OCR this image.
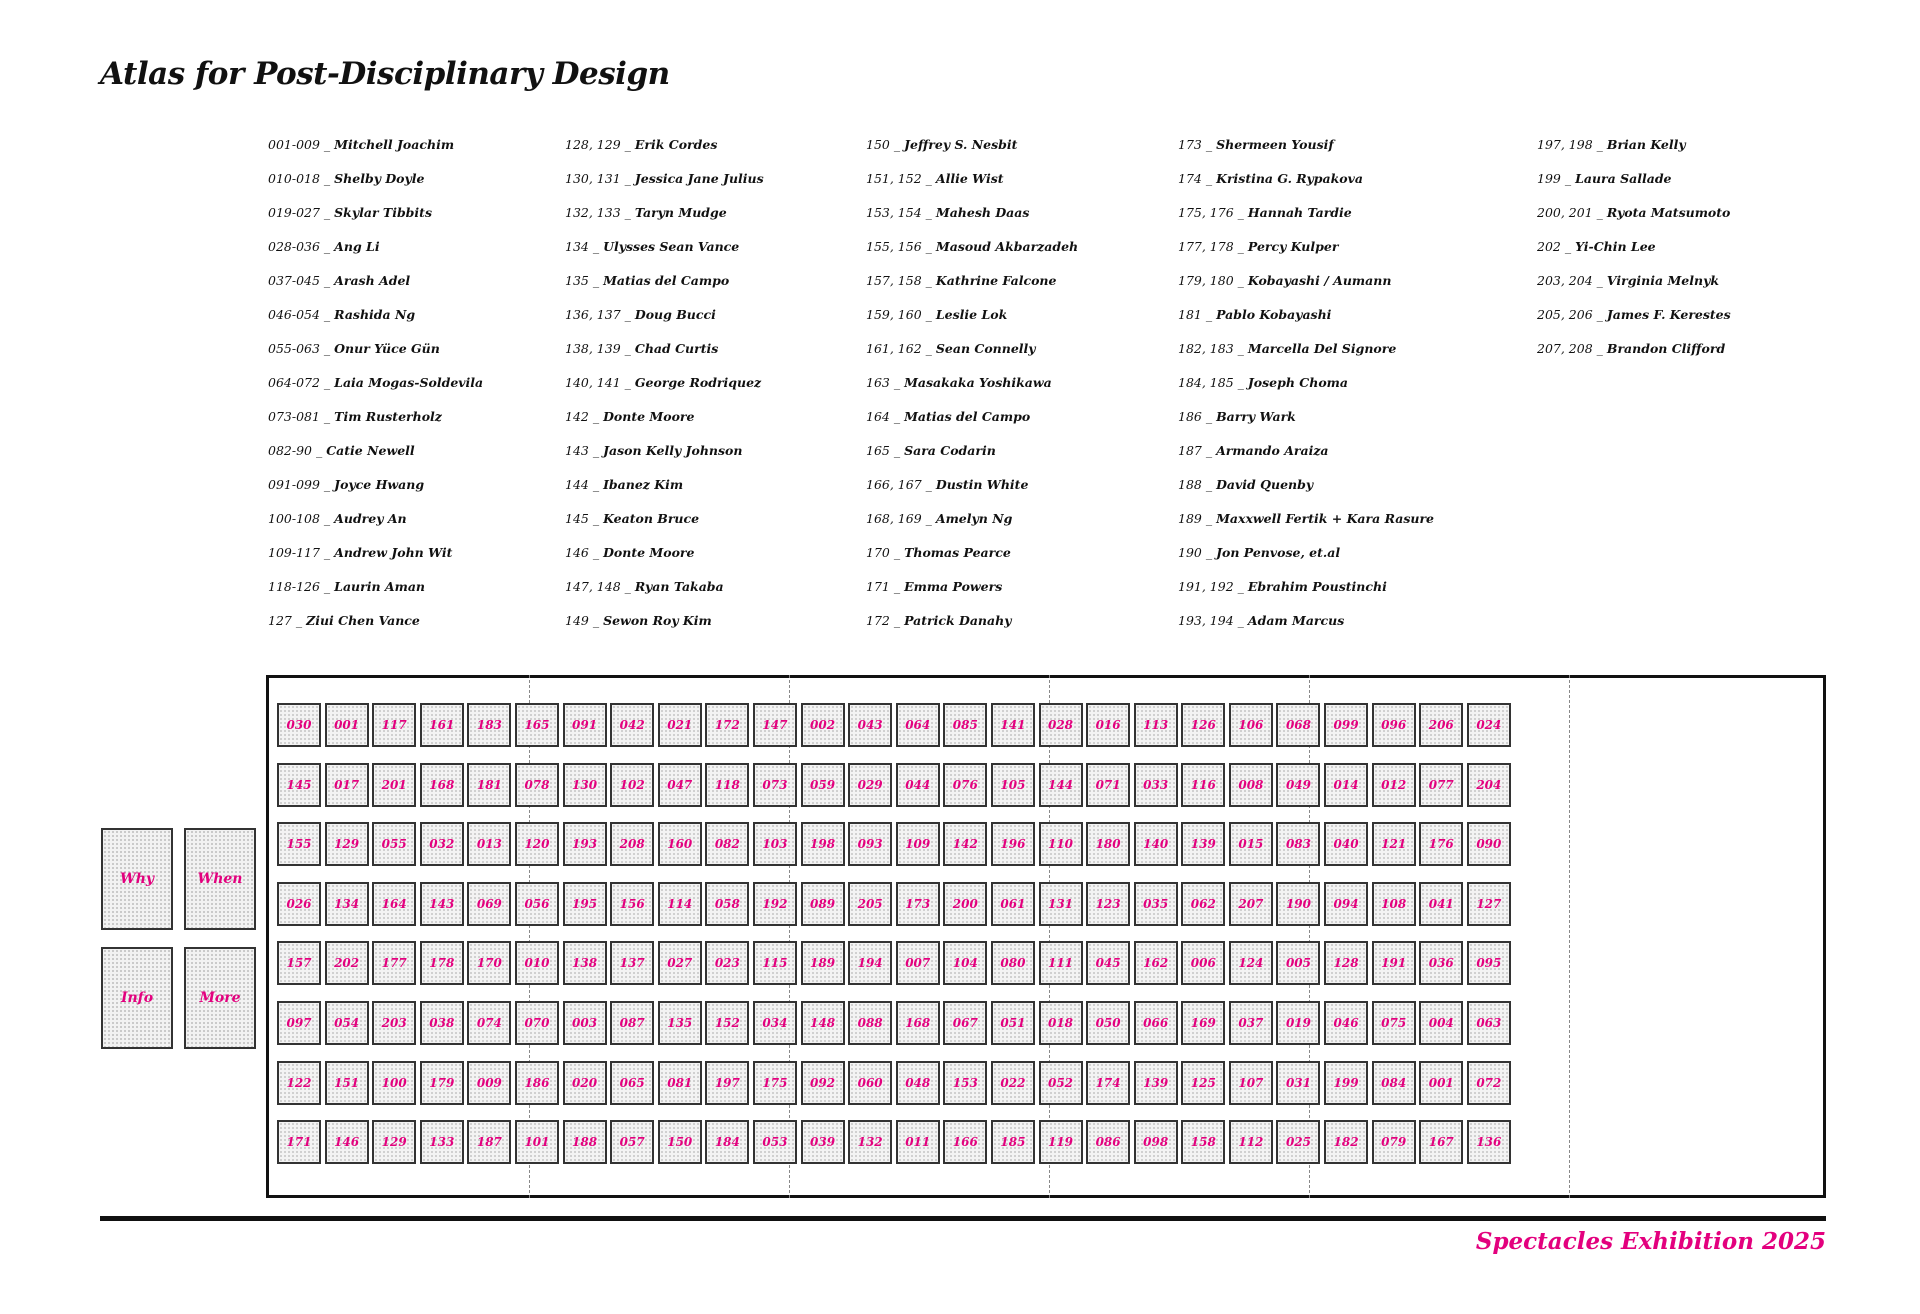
Atlas for Post-Disciplinary Design
001-009 _ Mitchell Joachim
010-018 _ Shelby Doyle
019-027 _ Skylar Tibbits
028-036 _ Ang Li
037-045 _ Arash Adel
046-054 _ Rashida Ng
055-063 _ Onur Yüce Gün
064-072 _ Laia Mogas-Soldevila
073-081 _ Tim Rusterholz
082-90 _ Catie Newell
091-099 _ Joyce Hwang
100-108 _ Audrey An
109-117 _ Andrew John Wit
118-126 _ Laurin Aman
127 _ Ziui Chen Vance
128, 129 _ Erik Cordes
130, 131 _ Jessica Jane Julius
132, 133 _ Taryn Mudge
134 _ Ulysses Sean Vance
135 _ Matias del Campo
136, 137 _ Doug Bucci
138, 139 _ Chad Curtis
140, 141 _ George Rodriquez
142 _ Donte Moore
143 _ Jason Kelly Johnson
144 _ Ibanez Kim
145 _ Keaton Bruce
146 _ Donte Moore
147, 148 _ Ryan Takaba
149 _ Sewon Roy Kim
150 _ Jeffrey S. Nesbit
151, 152 _ Allie Wist
153, 154 _ Mahesh Daas
155, 156 _ Masoud Akbarzadeh
157, 158 _ Kathrine Falcone
159, 160 _ Leslie Lok
161, 162 _ Sean Connelly
163 _ Masakaka Yoshikawa
164 _ Matias del Campo
165 _ Sara Codarin
166, 167 _ Dustin White
168, 169 _ Amelyn Ng
170 _ Thomas Pearce
171 _ Emma Powers
172 _ Patrick Danahy
173 _ Shermeen Yousif
174 _ Kristina G. Rypakova
175, 176 _ Hannah Tardie
177, 178 _ Percy Kulper
179, 180 _ Kobayashi / Aumann
181 _ Pablo Kobayashi
182, 183 _ Marcella Del Signore
184, 185 _ Joseph Choma
186 _ Barry Wark
187 _ Armando Araiza
188 _ David Quenby
189 _ Maxxwell Fertik + Kara Rasure
190 _ Jon Penvose, et.al
191, 192 _ Ebrahim Poustinchi
193, 194 _ Adam Marcus
197, 198 _ Brian Kelly
199 _ Laura Sallade
200, 201 _ Ryota Matsumoto
202 _ Yi-Chin Lee
203, 204 _ Virginia Melnyk
205, 206 _ James F. Kerestes
207, 208 _ Brandon Clifford
Why	When
Info	More
030 001 117 161 183 165 091 042 021 172 147 002 043 064 085 141 028 016 113 126 106 068 099 096 206 024
145 017 201 168 181 078 130 102 047 118 073 059 029 044 076 105 144 071 033 116 008 049 014 012 077 204
155 129 055 032 013 120 193 208 160 082 103 198 093 109 142 196 110 180 140 139 015 083 040 121 176 090
026 134 164 143 069 056 195 156 114 058 192 089 205 173 200 061 131 123 035 062 207 190 094 108 041 127
157 202 177 178 170 010 138 137 027 023 115 189 194 007 104 080 111 045 162 006 124 005 128 191 036 095
097 054 203 038 074 070 003 087 135 152 034 148 088 168 067 051 018 050 066 169 037 019 046 075 004 063
122 151 100 179 009 186 020 065 081 197 175 092 060 048 153 022 052 174 139 125 107 031 199 084 001 072
171 146 129 133 187 101 188 057 150 184 053 039 132 011 166 185 119 086 098 158 112 025 182 079 167 136
Spectacles Exhibition 2025
